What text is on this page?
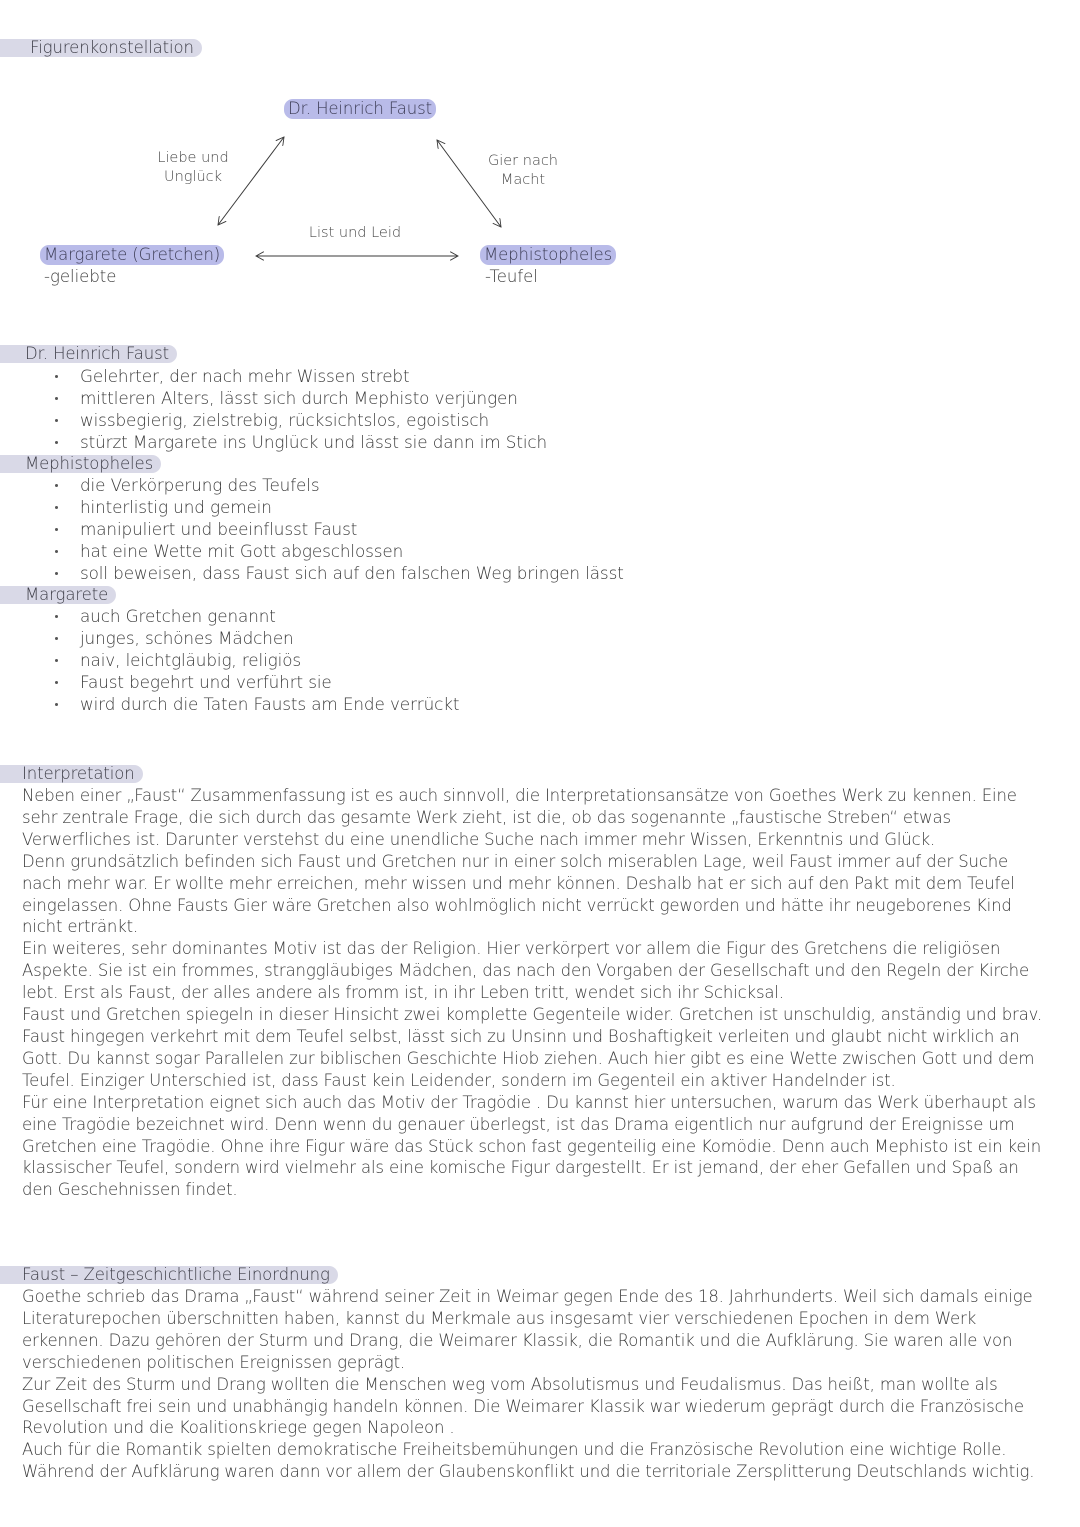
Figurenkonstellation
Dr. Heinrich Faust
Liebe und
Unglück
Gier nach
Macht
List und Leid
Margarete (Gretchen)
-geliebte
Mephistopheles
-Teufel
Dr. Heinrich Faust
Gelehrter, der nach mehr Wissen strebt
mittleren Alters, lässt sich durch Mephisto verjüngen
wissbegierig, zielstrebig, rücksichtslos, egoistisch
stürzt Margarete ins Unglück und lässt sie dann im Stich
Mephistopheles
die Verkörperung des Teufels
hinterlistig und gemein
manipuliert und beeinflusst Faust
hat eine Wette mit Gott abgeschlossen
soll beweisen, dass Faust sich auf den falschen Weg bringen lässt
Margarete
auch Gretchen genannt
junges, schönes Mädchen
naiv, leichtgläubig, religiös
Faust begehrt und verführt sie
wird durch die Taten Fausts am Ende verrückt
Interpretation

Neben einer „Faust“ Zusammenfassung ist es auch sinnvoll, die Interpretationsansätze von Goethes Werk zu kennen. Eine sehr zentrale Frage, die sich durch das gesamte Werk zieht, ist die, ob das sogenannte „faustische Streben“ etwas Verwerfliches ist. Darunter verstehst du eine unendliche Suche nach immer mehr Wissen, Erkenntnis und Glück.

Denn grundsätzlich befinden sich Faust und Gretchen nur in einer solch miserablen Lage, weil Faust immer auf der Suche nach mehr war. Er wollte mehr erreichen, mehr wissen und mehr können. Deshalb hat er sich auf den Pakt mit dem Teufel eingelassen. Ohne Fausts Gier wäre Gretchen also wohlmöglich nicht verrückt geworden und hätte ihr neugeborenes Kind nicht ertränkt.

Ein weiteres, sehr dominantes Motiv ist das der Religion. Hier verkörpert vor allem die Figur des Gretchens die religiösen Aspekte. Sie ist ein frommes, stranggläubiges Mädchen, das nach den Vorgaben der Gesellschaft und den Regeln der Kirche lebt. Erst als Faust, der alles andere als fromm ist, in ihr Leben tritt, wendet sich ihr Schicksal.

Faust und Gretchen spiegeln in dieser Hinsicht zwei komplette Gegenteile wider. Gretchen ist unschuldig, anständig und brav. Faust hingegen verkehrt mit dem Teufel selbst, lässt sich zu Unsinn und Boshaftigkeit verleiten und glaubt nicht wirklich an Gott. Du kannst sogar Parallelen zur biblischen Geschichte Hiob ziehen. Auch hier gibt es eine Wette zwischen Gott und dem Teufel. Einziger Unterschied ist, dass Faust kein Leidender, sondern im Gegenteil ein aktiver Handelnder ist.

Für eine Interpretation eignet sich auch das Motiv der Tragödie . Du kannst hier untersuchen, warum das Werk überhaupt als eine Tragödie bezeichnet wird. Denn wenn du genauer überlegst, ist das Drama eigentlich nur aufgrund der Ereignisse um Gretchen eine Tragödie. Ohne ihre Figur wäre das Stück schon fast gegenteilig eine Komödie. Denn auch Mephisto ist ein kein klassischer Teufel, sondern wird vielmehr als eine komische Figur dargestellt. Er ist jemand, der eher Gefallen und Spaß an den Geschehnissen findet.

Faust – Zeitgeschichtliche Einordnung

Goethe schrieb das Drama „Faust“ während seiner Zeit in Weimar gegen Ende des 18. Jahrhunderts. Weil sich damals einige Literaturepochen überschnitten haben, kannst du Merkmale aus insgesamt vier verschiedenen Epochen in dem Werk erkennen. Dazu gehören der Sturm und Drang, die Weimarer Klassik, die Romantik und die Aufklärung. Sie waren alle von verschiedenen politischen Ereignissen geprägt.

Zur Zeit des Sturm und Drang wollten die Menschen weg vom Absolutismus und Feudalismus. Das heißt, man wollte als Gesellschaft frei sein und unabhängig handeln können. Die Weimarer Klassik war wiederum geprägt durch die Französische Revolution und die Koalitionskriege gegen Napoleon .

Auch für die Romantik spielten demokratische Freiheitsbemühungen und die Französische Revolution eine wichtige Rolle.

Während der Aufklärung waren dann vor allem der Glaubenskonflikt und die territoriale Zersplitterung Deutschlands wichtig.
